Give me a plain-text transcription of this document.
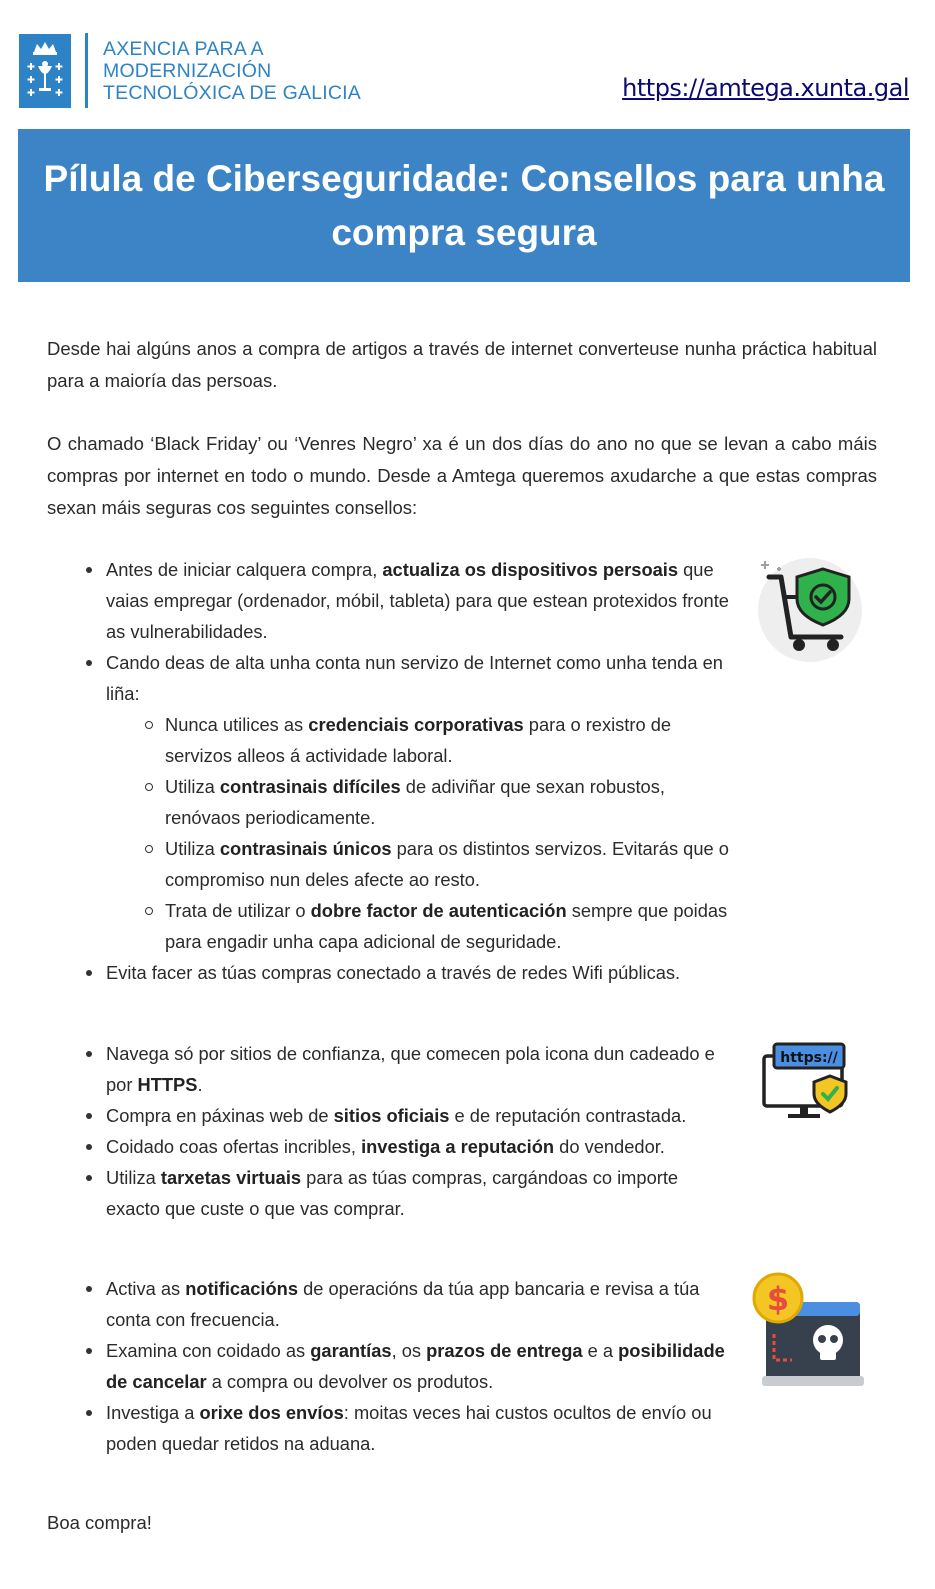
AXENCIA PARA A
MODERNIZACIÓN
TECNOLÓXICA DE GALICIA	https://amtega.xunta.gal
Pílula de Ciberseguridade: Consellos para unha compra segura

Desde hai algúns anos a compra de artigos a través de internet converteuse nunha práctica habitual para a maioría das persoas.

O chamado ‘Black Friday’ ou ‘Venres Negro’ xa é un dos días do ano no que se levan a cabo máis compras por internet en todo o mundo. Desde a Amtega queremos axudarche a que estas compras sexan máis seguras cos seguintes consellos:

Antes de iniciar calquera compra, actualiza os dispositivos persoais que vaias empregar (ordenador, móbil, tableta) para que estean protexidos fronte as vulnerabilidades.
Cando deas de alta unha conta nun servizo de Internet como unha tenda en liña:
Nunca utilices as credenciais corporativas para o rexistro de servizos alleos á actividade laboral.
Utiliza contrasinais difíciles de adiviñar que sexan robustos, renóvaos periodicamente.
Utiliza contrasinais únicos para os distintos servizos. Evitarás que o compromiso nun deles afecte ao resto.
Trata de utilizar o dobre factor de autenticación sempre que poidas para engadir unha capa adicional de seguridade.
Evita facer as túas compras conectado a través de redes Wifi públicas.
Navega só por sitios de confianza, que comecen pola icona dun cadeado e por HTTPS.
Compra en páxinas web de sitios oficiais e de reputación contrastada.
Coidado coas ofertas incribles, investiga a reputación do vendedor.
Utiliza tarxetas virtuais para as túas compras, cargándoas co importe exacto que custe o que vas comprar.
https://
Activa as notificacións de operacións da túa app bancaria e revisa a túa conta con frecuencia.
Examina con coidado as garantías, os prazos de entrega e a posibilidade de cancelar a compra ou devolver os produtos.
Investiga a orixe dos envíos: moitas veces hai custos ocultos de envío ou poden quedar retidos na aduana.
$
Boa compra!
